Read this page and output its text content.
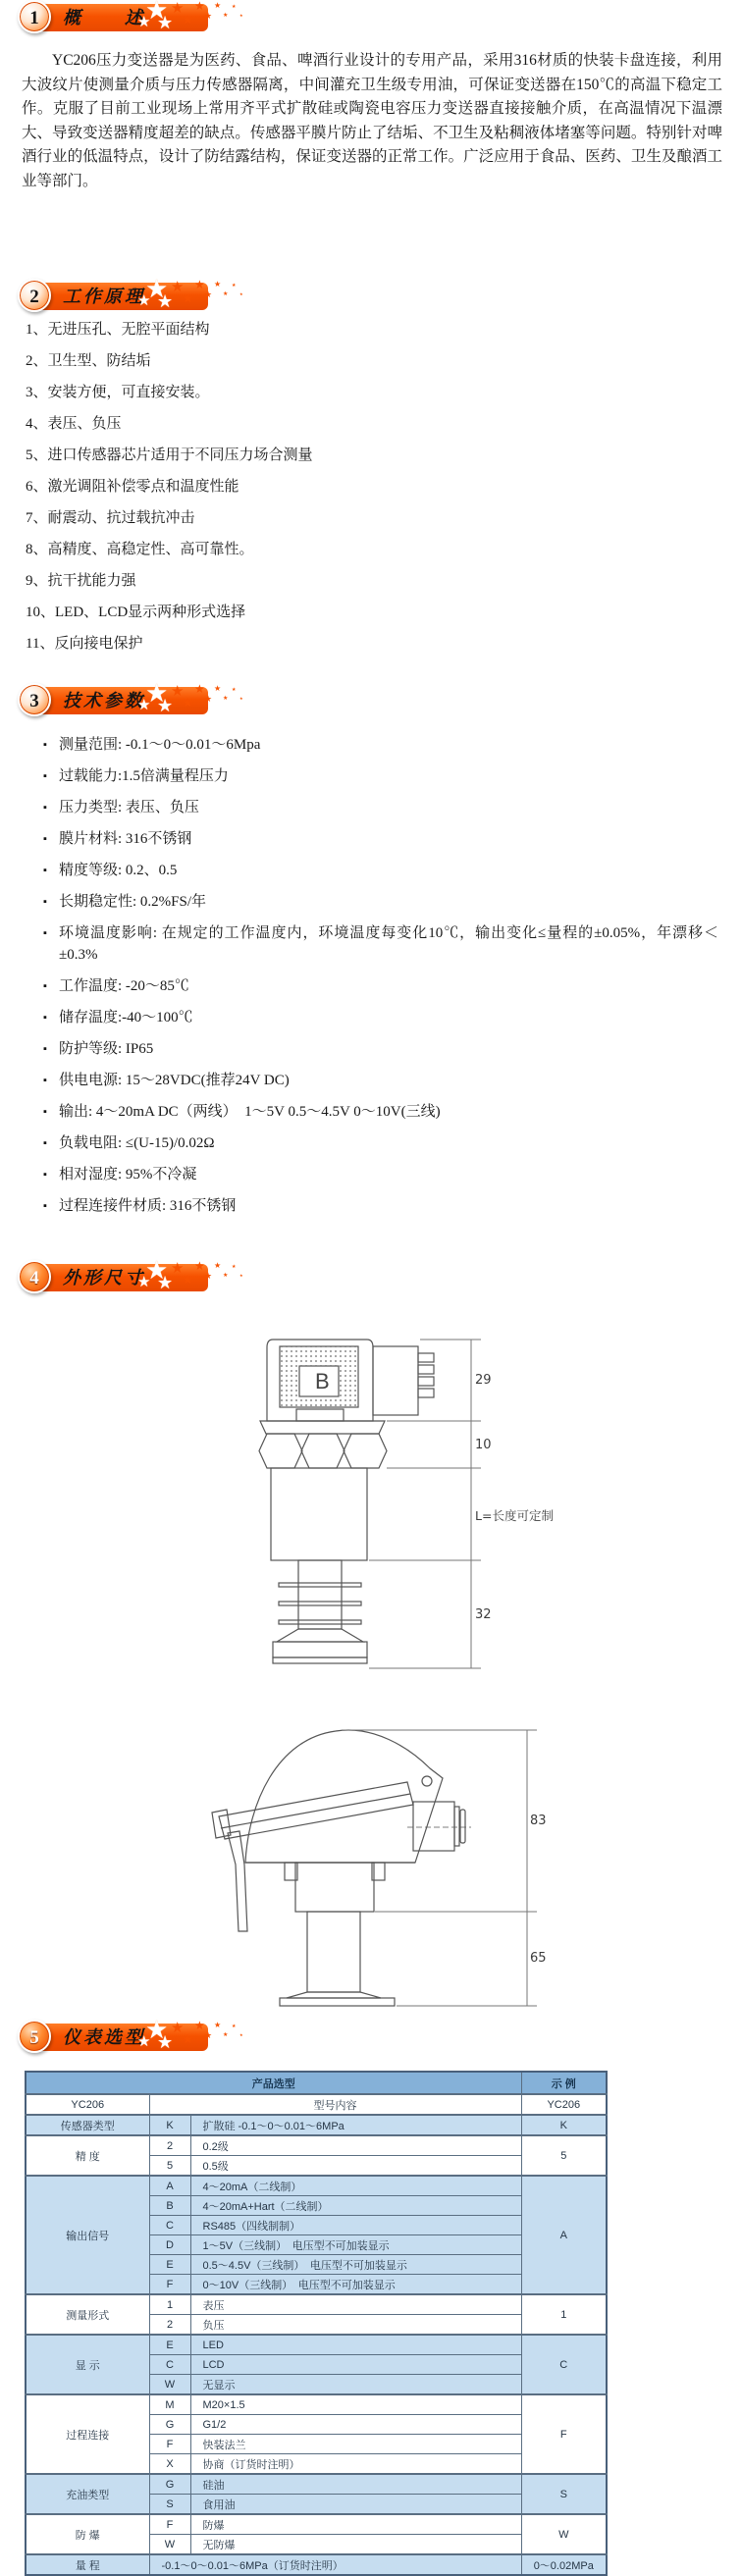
1	概　　述
★
★
★
★
★
★
★
★
★
★
★

YC206压力变送器是为医药、食品、啤酒行业设计的专用产品，采用316材质的快装卡盘连接，利用大波纹片使测量介质与压力传感器隔离，中间灌充卫生级专用油，可保证变送器在150℃的高温下稳定工作。克服了目前工业现场上常用齐平式扩散硅或陶瓷电容压力变送器直接接触介质，在高温情况下温漂大、导致变送器精度超差的缺点。传感器平膜片防止了结垢、不卫生及粘稠液体堵塞等问题。特别针对啤酒行业的低温特点，设计了防结露结构，保证变送器的正常工作。广泛应用于食品、医药、卫生及酿酒工业等部门。

2	工作原理
★
★
★
★
★
★
★
★
★
★
★
1、无进压孔、无腔平面结构
2、卫生型、防结垢
3、安装方便，可直接安装。
4、表压、负压
5、进口传感器芯片适用于不同压力场合测量
6、激光调阻补偿零点和温度性能
7、耐震动、抗过载抗冲击
8、高精度、高稳定性、高可靠性。
9、抗干扰能力强
10、LED、LCD显示两种形式选择
11、反向接电保护
3	技术参数
★
★
★
★
★
★
★
★
★
★
★
▪ 测量范围: -0.1～0～0.01～6Mpa
▪ 过载能力:1.5倍满量程压力
▪ 压力类型: 表压、负压
▪ 膜片材料: 316不锈钢
▪ 精度等级: 0.2、0.5
▪ 长期稳定性: 0.2%FS/年
▪ 环境温度影响: 在规定的工作温度内，环境温度每变化10℃，输出变化≤量程的±0.05%，年漂移＜±0.3%
▪ 工作温度: -20～85℃
▪ 储存温度:-40～100℃
▪ 防护等级: IP65
▪ 供电电源: 15～28VDC(推荐24V DC)
▪ 输出: 4～20mA DC（两线）　1～5V 0.5～4.5V 0～10V(三线)
▪ 负载电阻: ≤(U-15)/0.02Ω
▪ 相对湿度: 95%不冷凝
▪ 过程连接件材质: 316不锈钢
4	外形尺寸
★
★
★
★
★
★
★
★
★
★
★
B	29
10
L=长度可定制
32
83
65
5	仪表选型
★
★
★
★
★
★
★
★
★
★
★
产品选型			示 例
YC206	型号内容		YC206
传感器类型	K	扩散硅 -0.1～0～0.01～6MPa	K
精 度	2	0.2级	5
	5	0.5级	
输出信号	A	4～20mA（二线制）	A
	B	4～20mA+Hart（二线制）	
	C	RS485（四线制制）	
	D	1～5V（三线制）　电压型不可加装显示	
	E	0.5～4.5V（三线制）　电压型不可加装显示	
	F	0～10V（三线制）　电压型不可加装显示	
测量形式	1	表压	1
	2	负压	
显 示	E	LED	C
	C	LCD	
	W	无显示	
过程连接	M	M20×1.5	F
	G	G1/2	
	F	快装法兰	
	X	协商（订货时注明）	
充油类型	G	硅油	S
	S	食用油	
防 爆	F	防爆	W
	W	无防爆	
量 程	-0.1～0～0.01～6MPa（订货时注明）		0～0.02MPa
